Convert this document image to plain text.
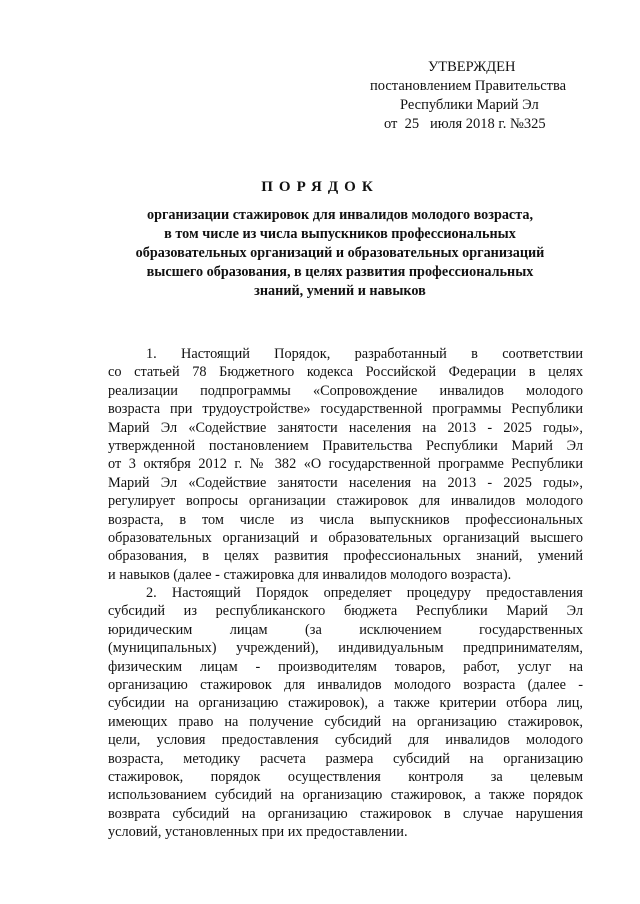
УТВЕРЖДЕН
постановлением Правительства
Республики Марий Эл
от 25 июля 2018 г. №325
ПОРЯДОК
организации стажировок для инвалидов молодого возраста,
в том числе из числа выпускников профессиональных
образовательных организаций и образовательных организаций
высшего образования, в целях развития профессиональных
знаний, умений и навыков
1. Настоящий Порядок, разработанный в соответствии
со статьей 78 Бюджетного кодекса Российской Федерации в целях
реализации подпрограммы «Сопровождение инвалидов молодого
возраста при трудоустройстве» государственной программы Республики
Марий Эл «Содействие занятости населения на 2013 - 2025 годы»,
утвержденной постановлением Правительства Республики Марий Эл
от 3 октября 2012 г. № 382 «О государственной программе Республики
Марий Эл «Содействие занятости населения на 2013 - 2025 годы»,
регулирует вопросы организации стажировок для инвалидов молодого
возраста, в том числе из числа выпускников профессиональных
образовательных организаций и образовательных организаций высшего
образования, в целях развития профессиональных знаний, умений
и навыков (далее - стажировка для инвалидов молодого возраста).
2. Настоящий Порядок определяет процедуру предоставления
субсидий из республиканского бюджета Республики Марий Эл
юридическим лицам (за исключением государственных
(муниципальных) учреждений), индивидуальным предпринимателям,
физическим лицам - производителям товаров, работ, услуг на
организацию стажировок для инвалидов молодого возраста (далее -
субсидии на организацию стажировок), а также критерии отбора лиц,
имеющих право на получение субсидий на организацию стажировок,
цели, условия предоставления субсидий для инвалидов молодого
возраста, методику расчета размера субсидий на организацию
стажировок, порядок осуществления контроля за целевым
использованием субсидий на организацию стажировок, а также порядок
возврата субсидий на организацию стажировок в случае нарушения
условий, установленных при их предоставлении.
